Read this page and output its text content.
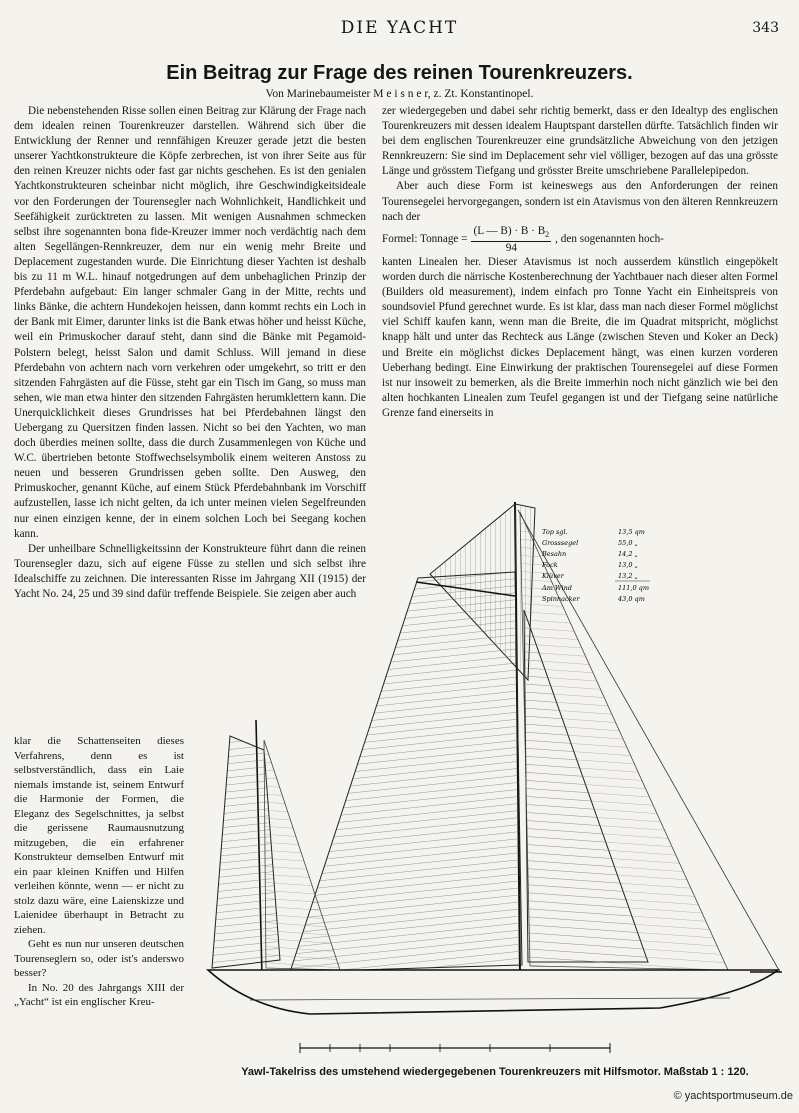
DIE YACHT	343
Ein Beitrag zur Frage des reinen Tourenkreuzers.
Von Marinebaumeister M e i s n e r, z. Zt. Konstantinopel.

Die nebenstehenden Risse sollen einen Beitrag zur Klärung der Frage nach dem idealen reinen Tourenkreuzer darstellen. Während sich über die Entwicklung der Renner und rennfähigen Kreuzer gerade jetzt die besten unserer Yachtkonstrukteure die Köpfe zerbrechen, ist von ihrer Seite aus für den reinen Kreuzer nichts oder fast gar nichts geschehen. Es ist den genialen Yachtkonstrukteuren scheinbar nicht möglich, ihre Geschwindigkeitsideale vor den Forderungen der Tourensegler nach Wohnlichkeit, Handlichkeit und Seefähigkeit zurücktreten zu lassen. Mit wenigen Ausnahmen schmecken selbst ihre sogenannten bona fide-Kreuzer immer noch verdächtig nach dem alten Segellängen-Rennkreuzer, dem nur ein wenig mehr Breite und Deplacement zugestanden wurde. Die Einrichtung dieser Yachten ist deshalb bis zu 11 m W.L. hinauf notgedrungen auf dem unbehaglichen Prinzip der Pferdebahn aufgebaut: Ein langer schmaler Gang in der Mitte, rechts und links Bänke, die achtern Hundekojen heissen, dann kommt rechts ein Loch in der Bank mit Eimer, darunter links ist die Bank etwas höher und heisst Küche, weil ein Primuskocher darauf steht, dann sind die Bänke mit Pegamoid-Polstern belegt, heisst Salon und damit Schluss. Will jemand in diese Pferdebahn von achtern nach vorn verkehren oder umgekehrt, so tritt er den sitzenden Fahrgästen auf die Füsse, steht gar ein Tisch im Gang, so muss man sehen, wie man etwa hinter den sitzenden Fahrgästen herumklettern kann. Die Unerquicklichkeit dieses Grundrisses hat bei Pferdebahnen längst den Uebergang zu Quersitzen finden lassen. Nicht so bei den Yachten, wo man doch überdies meinen sollte, dass die durch Zusammenlegen von Küche und W.C. übertrieben betonte Stoffwechselsymbolik einem weiteren Anstoss zu neuen und besseren Grundrissen geben sollte. Den Ausweg, den Primuskocher, genannt Küche, auf einem Stück Pferdebahnbank im Vorschiff aufzustellen, lasse ich nicht gelten, da ich unter meinen vielen Segelfreunden nur einen einzigen kenne, der in einem solchen Loch bei Seegang kochen kann.

Der unheilbare Schnelligkeitssinn der Konstrukteure führt dann die reinen Tourensegler dazu, sich auf eigene Füsse zu stellen und sich selbst ihre Idealschiffe zu zeichnen. Die interessanten Risse im Jahrgang XII (1915) der Yacht No. 24, 25 und 39 sind dafür treffende Beispiele. Sie zeigen aber auch

klar die Schattenseiten dieses Verfahrens, denn es ist selbstverständlich, dass ein Laie niemals imstande ist, seinem Entwurf die Harmonie der Formen, die Eleganz des Segelschnittes, ja selbst die gerissene Raumausnutzung mitzugeben, die ein erfahrener Konstrukteur demselben Entwurf mit ein paar kleinen Kniffen und Hilfen verleihen könnte, wenn — er nicht zu stolz dazu wäre, eine Laienskizze und Laienidee überhaupt in Betracht zu ziehen.

Geht es nun nur unseren deutschen Tourenseglern so, oder ist's anderswo besser?

In No. 20 des Jahrgangs XIII der „Yacht“ ist ein englischer Kreu-

zer wiedergegeben und dabei sehr richtig bemerkt, dass er den Idealtyp des englischen Tourenkreuzers mit dessen idealem Hauptspant darstellen dürfte. Tatsächlich finden wir bei dem englischen Tourenkreuzer eine grundsätzliche Abweichung von den jetzigen Rennkreuzern: Sie sind im Deplacement sehr viel völliger, bezogen auf das una grösste Länge und grösstem Tiefgang und grösster Breite umschriebene Parallelepipedon.

Aber auch diese Form ist keineswegs aus den Anforderungen der reinen Tourensegelei hervorgegangen, sondern ist ein Atavismus von den älteren Rennkreuzern nach der

Formel: Tonnage = $\frac{(L — B) \cdot B \cdot B_2}{94}$ , den sogenannten hoch-

kanten Linealen her. Dieser Atavismus ist noch ausserdem künstlich eingepökelt worden durch die närrische Kostenberechnung der Yachtbauer nach dieser alten Formel (Builders old measurement), indem einfach pro Tonne Yacht ein Einheitspreis von soundsoviel Pfund gerechnet wurde. Es ist klar, dass man nach dieser Formel möglichst viel Schiff kaufen kann, wenn man die Breite, die im Quadrat mitspricht, möglichst knapp hält und unter das Rechteck aus Länge (zwischen Steven und Koker an Deck) und Breite ein möglichst dickes Deplacement hängt, was einen kurzen vorderen Ueberhang bedingt. Eine Einwirkung der praktischen Tourensegelei auf diese Formen ist nur insoweit zu bemerken, als die Breite immerhin noch nicht gänzlich wie bei den alten hochkanten Linealen zum Teufel gegangen ist und der Tiefgang seine natürliche Grenze fand einerseits in

Top sgl.	13,5 qm
Grosssegel	55,0 „
Besahn	14,2 „
Fock	13,0 „
Klüver	13,2 „
Am Wind	111,0 qm
Spinnacker	43,0 qm
Yawl-Takelriss des umstehend wiedergegebenen Tourenkreuzers mit Hilfsmotor. Maßstab 1 : 120.
© yachtsportmuseum.de
